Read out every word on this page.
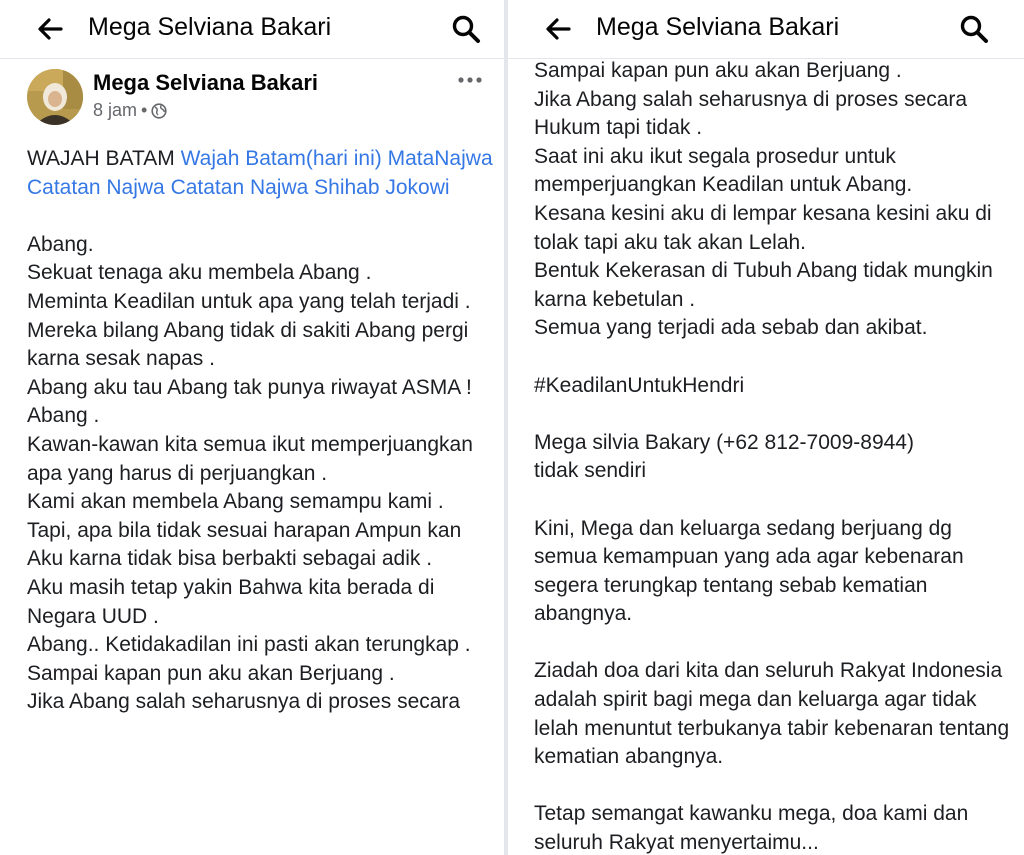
Mega Selviana Bakari
Mega Selviana Bakari
8 jam •

WAJAH BATAM Wajah Batam(hari ini) MataNajwa Catatan Najwa Catatan Najwa Shihab Jokowi

Abang.
Sekuat tenaga aku membela Abang .
Meminta Keadilan untuk apa yang telah terjadi .
Mereka bilang Abang tidak di sakiti Abang pergi karna sesak napas .
Abang aku tau Abang tak punya riwayat ASMA !
Abang .
Kawan-kawan kita semua ikut memperjuangkan apa yang harus di perjuangkan .
Kami akan membela Abang semampu kami .
Tapi, apa bila tidak sesuai harapan Ampun kan Aku karna tidak bisa berbakti sebagai adik .
Aku masih tetap yakin Bahwa kita berada di Negara UUD .
Abang.. Ketidakadilan ini pasti akan terungkap .
Sampai kapan pun aku akan Berjuang .
Jika Abang salah seharusnya di proses secara

Sampai kapan pun aku akan Berjuang .
Jika Abang salah seharusnya di proses secara Hukum tapi tidak .
Saat ini aku ikut segala prosedur untuk memperjuangkan Keadilan untuk Abang.
Kesana kesini aku di lempar kesana kesini aku di tolak tapi aku tak akan Lelah.
Bentuk Kekerasan di Tubuh Abang tidak mungkin karna kebetulan .
Semua yang terjadi ada sebab dan akibat.

#KeadilanUntukHendri

Mega silvia Bakary (+62 812-7009-8944)
tidak sendiri

Kini, Mega dan keluarga sedang berjuang dg semua kemampuan yang ada agar kebenaran segera terungkap tentang sebab kematian abangnya.

Ziadah doa dari kita dan seluruh Rakyat Indonesia adalah spirit bagi mega dan keluarga agar tidak lelah menuntut terbukanya tabir kebenaran tentang kematian abangnya.

Tetap semangat kawanku mega, doa kami dan seluruh Rakyat menyertaimu...

Mega Selviana Bakari
